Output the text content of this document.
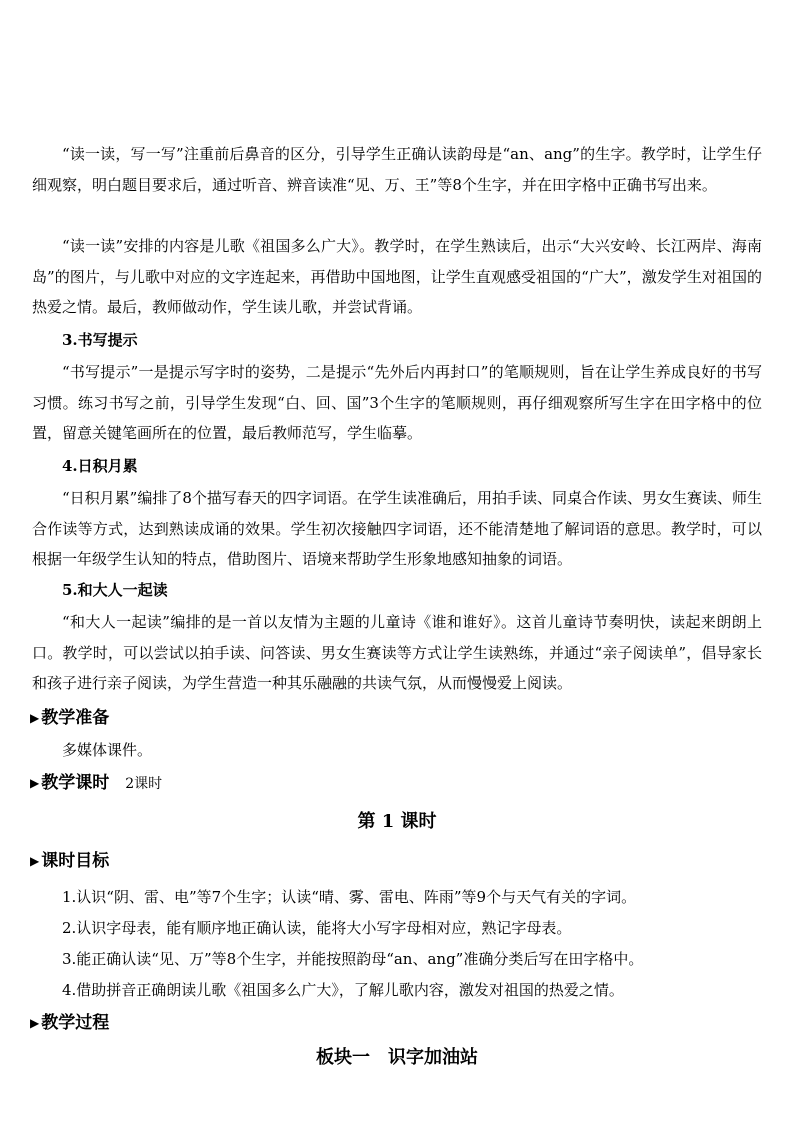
“读一读，写一写”注重前后鼻音的区分，引导学生正确认读韵母是“an、ang”的生字。教学时，让学生仔细观察，明白题目要求后，通过听音、辨音读准“见、万、王”等8个生字，并在田字格中正确书写出来。

“读一读”安排的内容是儿歌《祖国多么广大》。教学时，在学生熟读后，出示“大兴安岭、长江两岸、海南岛”的图片，与儿歌中对应的文字连起来，再借助中国地图，让学生直观感受祖国的“广大”，激发学生对祖国的热爱之情。最后，教师做动作，学生读儿歌，并尝试背诵。

3.书写提示

“书写提示”一是提示写字时的姿势，二是提示“先外后内再封口”的笔顺规则，旨在让学生养成良好的书写习惯。练习书写之前，引导学生发现“白、回、国”3个生字的笔顺规则，再仔细观察所写生字在田字格中的位置，留意关键笔画所在的位置，最后教师范写，学生临摹。

4.日积月累

“日积月累”编排了8个描写春天的四字词语。在学生读准确后，用拍手读、同桌合作读、男女生赛读、师生合作读等方式，达到熟读成诵的效果。学生初次接触四字词语，还不能清楚地了解词语的意思。教学时，可以根据一年级学生认知的特点，借助图片、语境来帮助学生形象地感知抽象的词语。

5.和大人一起读

“和大人一起读”编排的是一首以友情为主题的儿童诗《谁和谁好》。这首儿童诗节奏明快，读起来朗朗上口。教学时，可以尝试以拍手读、问答读、男女生赛读等方式让学生读熟练，并通过“亲子阅读单”，倡导家长和孩子进行亲子阅读，为学生营造一种其乐融融的共读气氛，从而慢慢爱上阅读。

▶ 教学准备

多媒体课件。

▶ 教学课时 2课时

第 1 课时

▶ 课时目标

1.认识“阴、雷、电”等7个生字；认读“晴、雾、雷电、阵雨”等9个与天气有关的字词。

2.认识字母表，能有顺序地正确认读，能将大小写字母相对应，熟记字母表。

3.能正确认读“见、万”等8个生字，并能按照韵母“an、ang”准确分类后写在田字格中。

4.借助拼音正确朗读儿歌《祖国多么广大》，了解儿歌内容，激发对祖国的热爱之情。

▶ 教学过程

板块一　识字加油站
